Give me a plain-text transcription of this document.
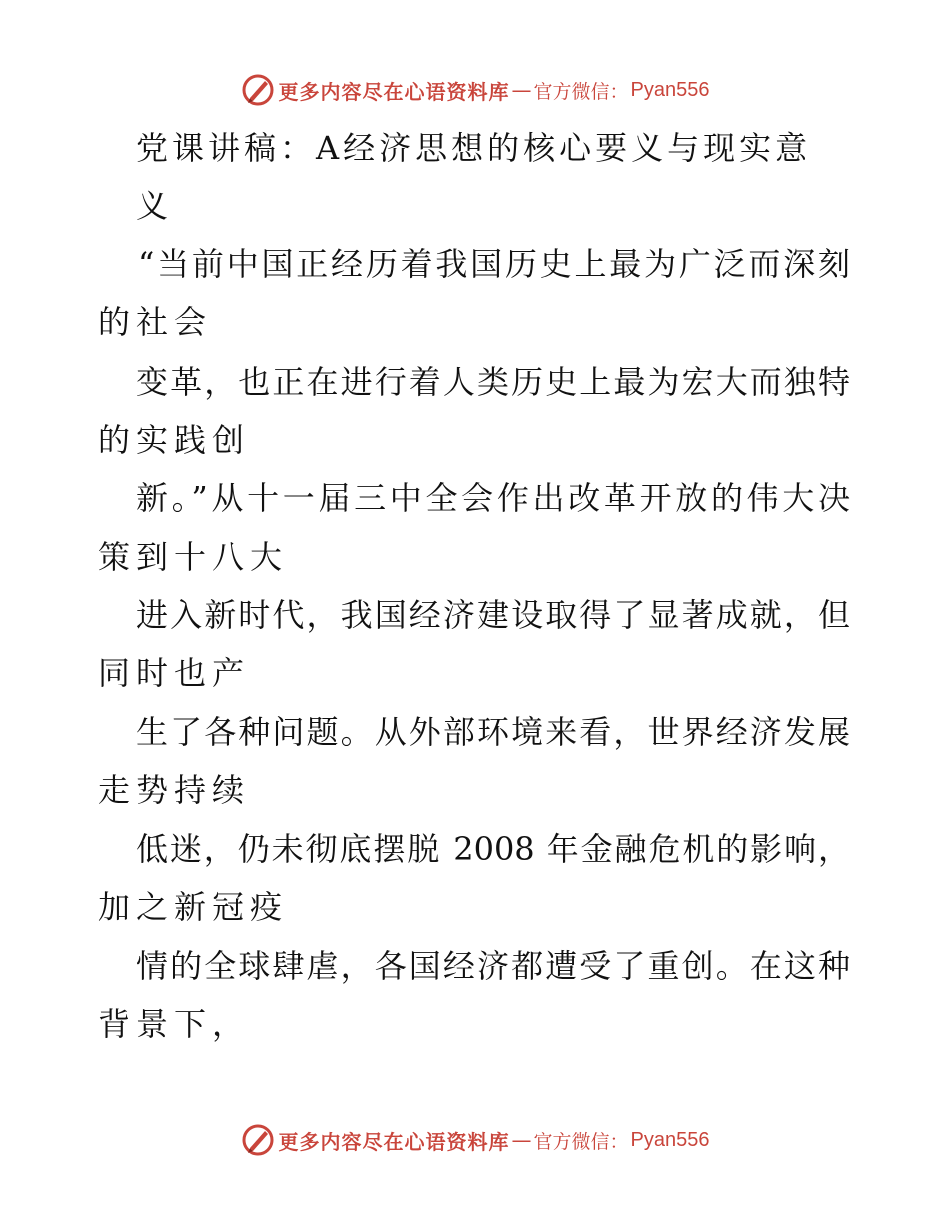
更多内容尽在心语资料库 — 官方微信： Pyan556
党课讲稿：A经济思想的核心要义与现实意
义
“当前中国正经历着我国历史上最为广泛而深刻
的社会
变革，也正在进行着人类历史上最为宏大而独特
的实践创
新。”从十一届三中全会作出改革开放的伟大决
策到十八大
进入新时代，我国经济建设取得了显著成就，但
同时也产
生了各种问题。从外部环境来看，世界经济发展
走势持续
低迷，仍未彻底摆脱 2008 年金融危机的影响，
加之新冠疫
情的全球肆虐，各国经济都遭受了重创。在这种
背景下，
更多内容尽在心语资料库 — 官方微信： Pyan556
